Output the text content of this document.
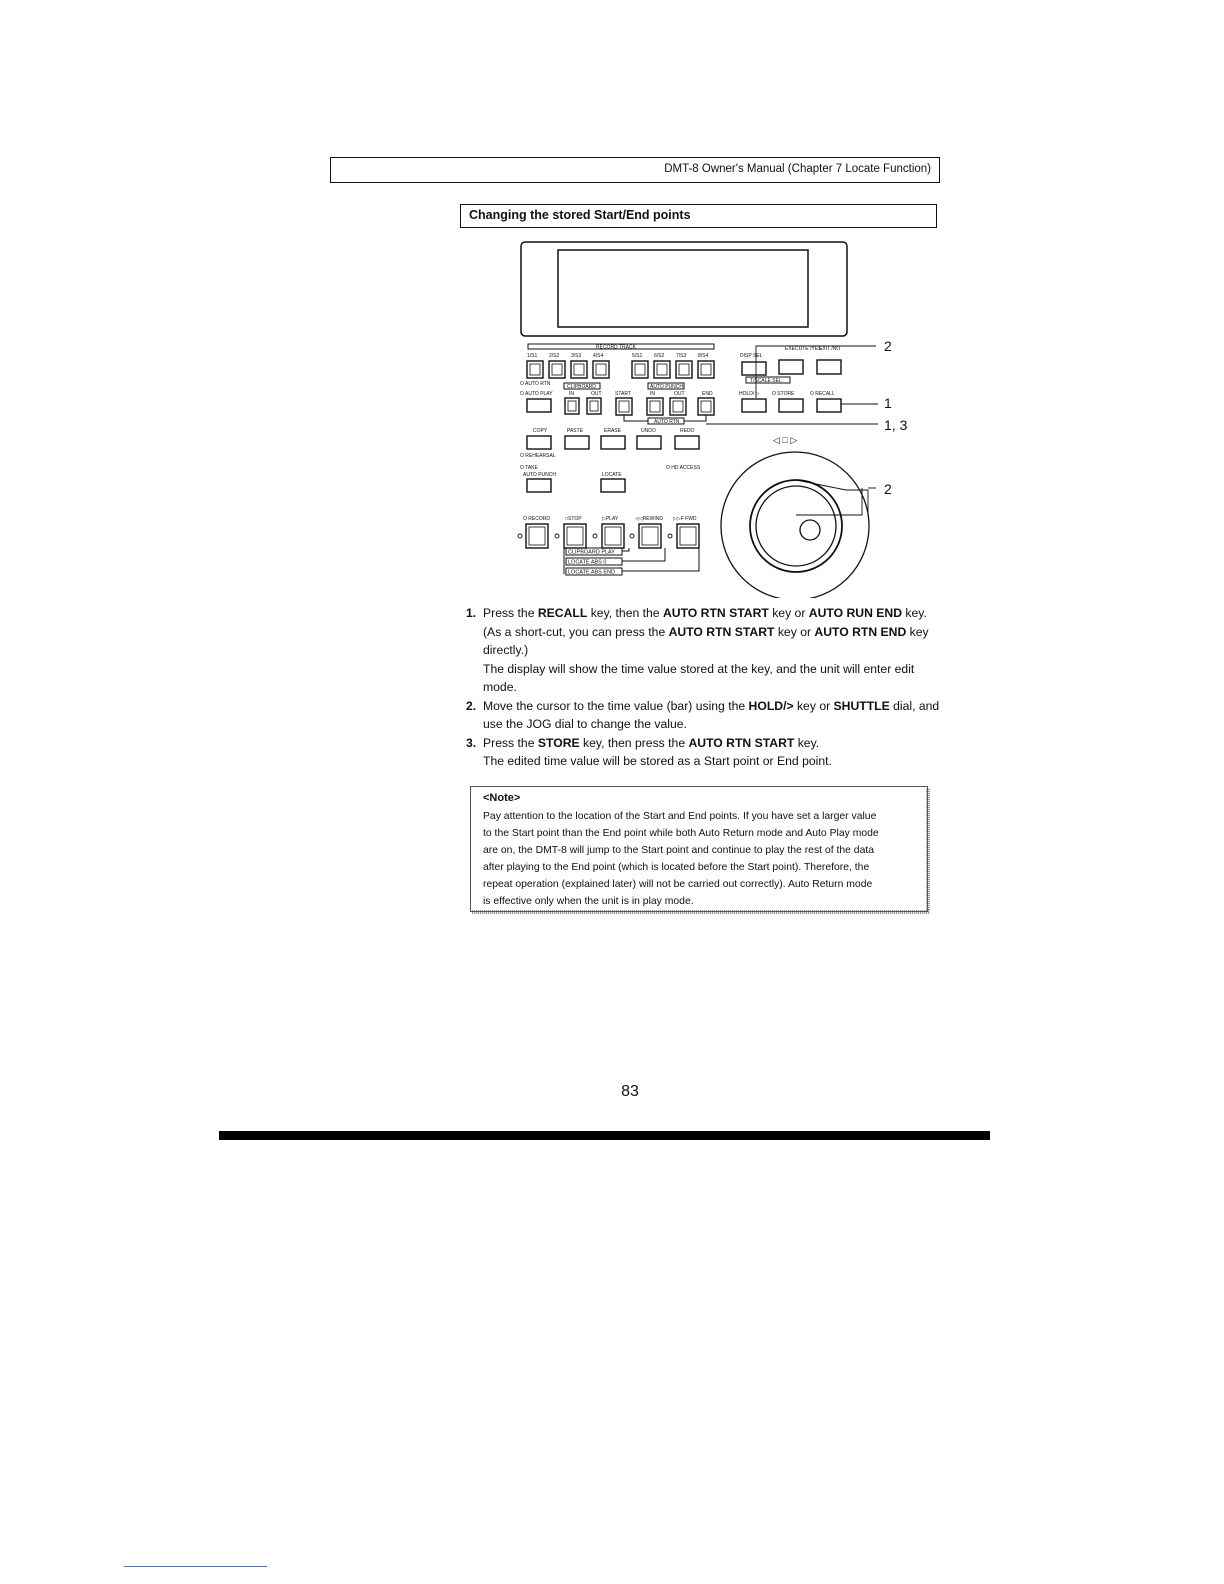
DMT-8 Owner's Manual (Chapter 7 Locate Function)
Changing the stored Start/End points
RECORD TRACK
1/S1 2/S2 3/S3 4/S4	5/S1 6/S2 7/S3 8/S4
O AUTO RTN
O AUTO PLAY	IN	OUT	START	IN	OUT	END
CLIPBOARD	AUTO PUNCH
AUTO RTN
DISP SEL
EXECUTE /YES
EXIT /NO
HOLD/ ▷ O STORE	O RECALL
T/SCALE SEL
2
1
1, 3
COPY	PASTE	ERASE	UNDO	REDO
◁ □ ▷
O REHEARSAL
O TAKE
AUTO PUNCH	LOCATE
O HD ACCESS
O RECORD	□STOP	▷PLAY	◁◁REWIND ▷▷F FWD
CLIPBOARD PLAY
LOCATE ABS 0
LOCATE ABS END
2
1. Press the RECALL key, then the AUTO RTN START key or AUTO RUN END key.

(As a short-cut, you can press the AUTO RTN START key or AUTO RTN END key

directly.)

The display will show the time value stored at the key, and the unit will enter edit

mode.

2. Move the cursor to the time value (bar) using the HOLD/> key or SHUTTLE dial, and

use the JOG dial to change the value.

3. Press the STORE key, then press the AUTO RTN START key.

The edited time value will be stored as a Start point or End point.

<Note>
Pay attention to the location of the Start and End points. If you have set a larger value
to the Start point than the End point while both Auto Return mode and Auto Play mode
are on, the DMT-8 will jump to the Start point and continue to play the rest of the data
after playing to the End point (which is located before the Start point). Therefore, the
repeat operation (explained later) will not be carried out correctly). Auto Return mode
is effective only when the unit is in play mode.
83
